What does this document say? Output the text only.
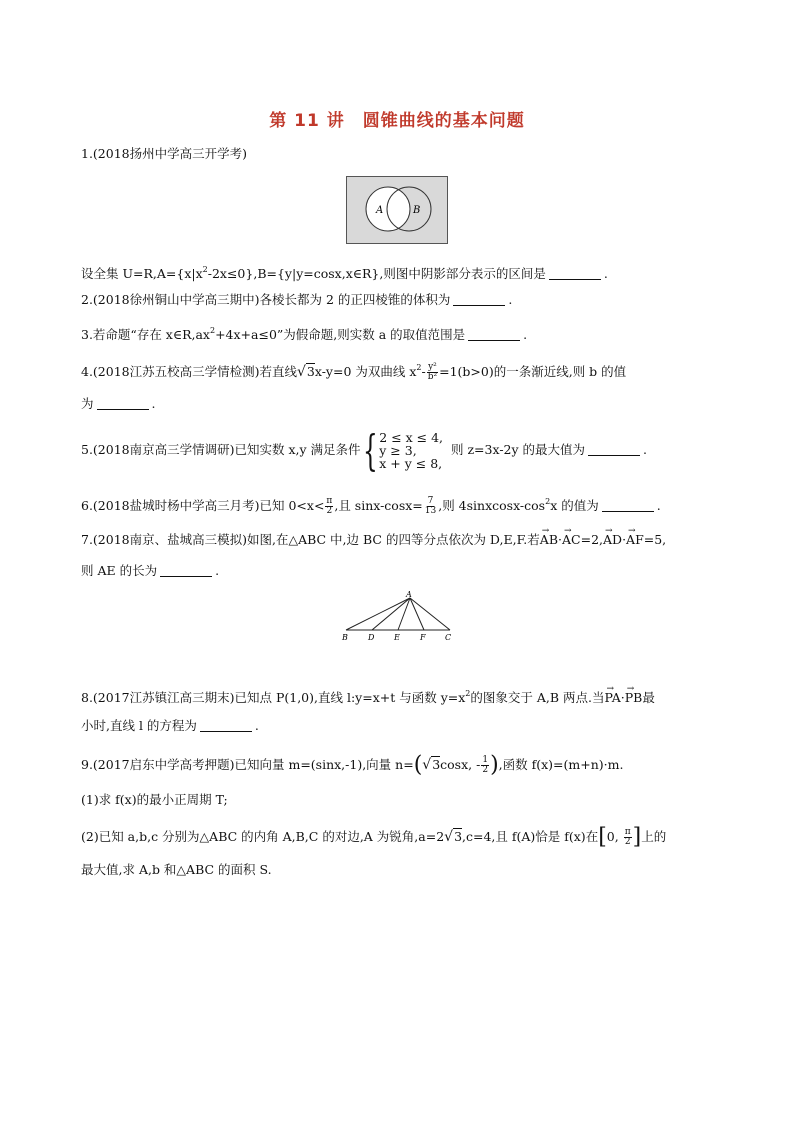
第 11 讲　圆锥曲线的基本问题
1.(2018扬州中学高三开学考)
A	B
设全集 $U=R,A=\{x|x^2-2x\le 0\},B=\{y|y=\cos x,x\in R\}$,则图中阴影部分表示的区间是	.
2.(2018徐州铜山中学高三期中)各棱长都为 2 的正四棱锥的体积为	.
3.若命题“存在 $x\in R,ax^2+4x+a\le 0$”为假命题,则实数 a 的取值范围是	.
4.(2018江苏五校高三学情检测)若直线√3x-y=0 为双曲线 $x^2- \frac{\text{y²}}{\text{b²}} =1(b>0)$的一条渐近线,则 b 的值
为	.
5.(2018南京高三学情调研)已知实数 x,y 满足条件{ 2 ≤ x ≤ 4,
y ≥ 3,
x + y ≤ 8,
则 z=3x-2y 的最大值为	.
6.(2018盐城时杨中学高三月考)已知 $0<x< \frac{\pi}{2}$ ,且 $\sin x-\cos x= \frac{7}{13}$ ,则 $4sinxcosx-\cos^2x$ 的值为	.
7.(2018南京、盐城高三模拟)如图,在△ABC 中,边 BC 的四等分点依次为 D,E,F.若→ AB·→ AC=2,→ AD·→ AF=5,
则 AE 的长为	.
A
B	D E	F C
8.(2017江苏镇江高三期末)已知点 P(1,0),直线 l:y=x+t 与函数 $y=x^2$的图象交于 A,B 两点.当→ PA·→ PB最
小时,直线 l 的方程为	.
9.(2017启东中学高考押题)已知向量 m=(sinx,-1),向量 n=(√3cosx, - $\frac{1}{2}$ ),函数 f(x)=(m+n)·m.
(1)求 f(x)的最小正周期 T;
(2)已知 a,b,c 分别为△ABC 的内角 A,B,C 的对边,A 为锐角,a=2√3,c=4,且 f(A)恰是 f(x)在[0, $\frac{\pi}{2}$ ]上的
最大值,求 A,b 和△ABC 的面积 S.
